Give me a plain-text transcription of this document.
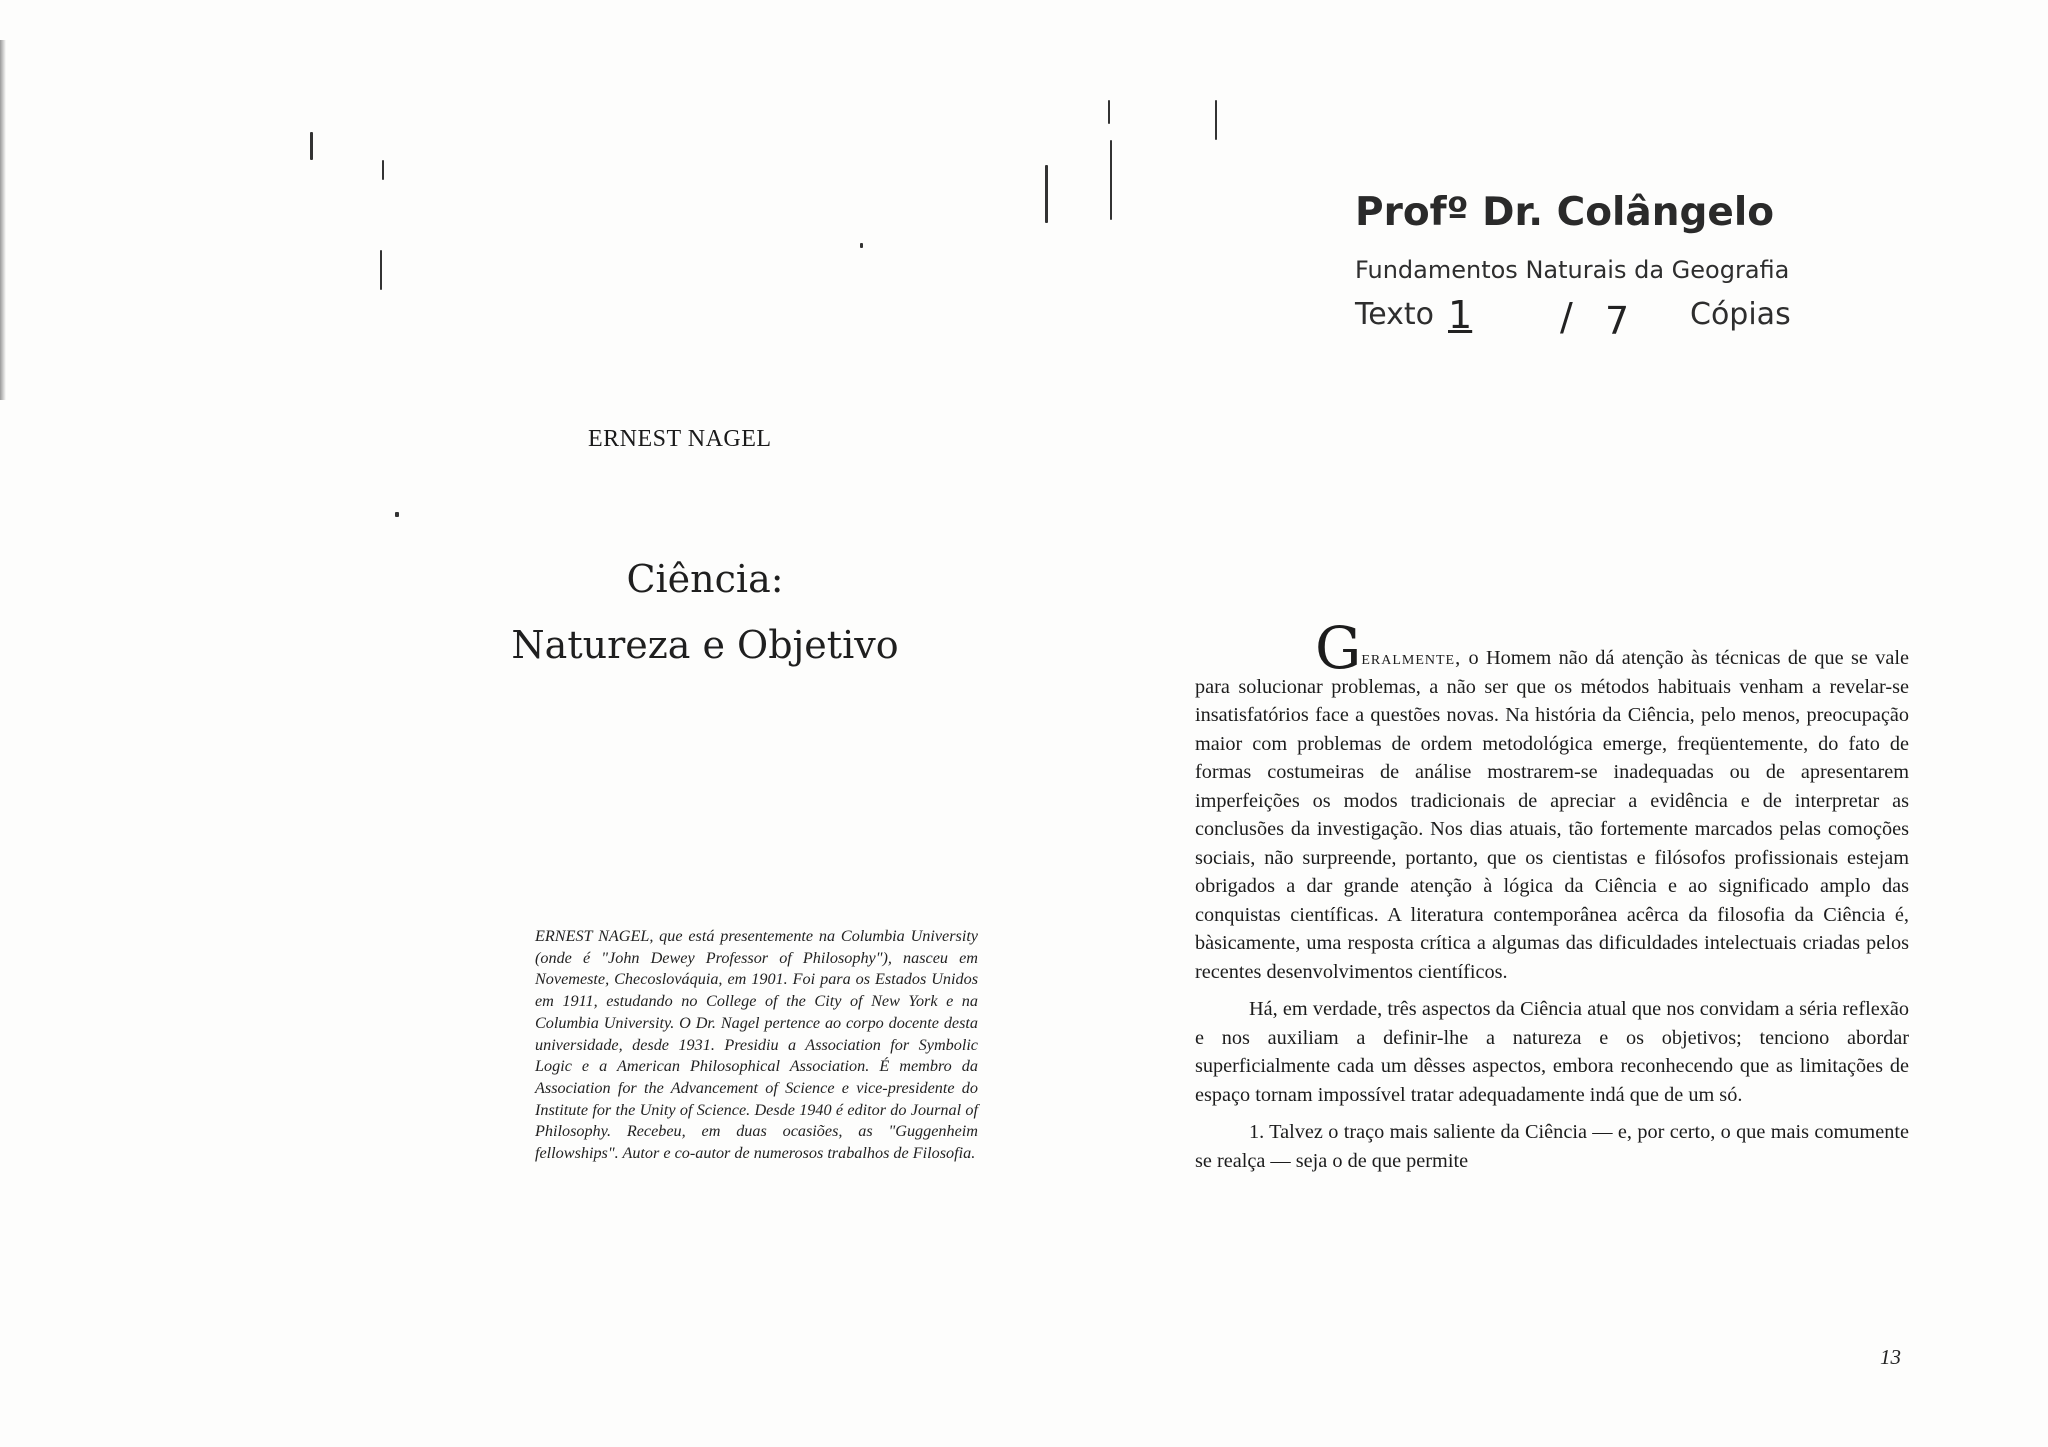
Profº Dr. Colângelo
Fundamentos Naturais da Geografia
Texto 1 / 7 Cópias
ERNEST NAGEL
Ciência:
Natureza e Objetivo
ERNEST NAGEL, que está presentemente na Columbia University (onde é "John Dewey Professor of Philosophy"), nasceu em Novemeste, Checoslováquia, em 1901. Foi para os Estados Unidos em 1911, estudando no College of the City of New York e na Columbia University. O Dr. Nagel pertence ao corpo docente desta universidade, desde 1931. Presidiu a Association for Symbolic Logic e a American Philosophical Association. É membro da Association for the Advancement of Science e vice-presidente do Institute for the Unity of Science. Desde 1940 é editor do Journal of Philosophy. Recebeu, em duas ocasiões, as "Guggenheim fellowships". Autor e co-autor de numerosos trabalhos de Filosofia.

Geralmente, o Homem não dá atenção às técnicas de que se vale para solucionar problemas, a não ser que os métodos habituais venham a revelar-se insatisfatórios face a questões novas. Na história da Ciência, pelo menos, preocupação maior com problemas de ordem metodológica emerge, freqüentemente, do fato de formas costumeiras de análise mostrarem-se inadequadas ou de apresentarem imperfeições os modos tradicionais de apreciar a evidência e de interpretar as conclusões da investigação. Nos dias atuais, tão fortemente marcados pelas comoções sociais, não surpreende, portanto, que os cientistas e filósofos profissionais estejam obrigados a dar grande atenção à lógica da Ciência e ao significado amplo das conquistas científicas. A literatura contemporânea acêrca da filosofia da Ciência é, bàsicamente, uma resposta crítica a algumas das dificuldades intelectuais criadas pelos recentes desenvolvimentos científicos.

Há, em verdade, três aspectos da Ciência atual que nos convidam a séria reflexão e nos auxiliam a definir-lhe a natureza e os objetivos; tenciono abordar superficialmente cada um dêsses aspectos, embora reconhecendo que as limitações de espaço tornam impossível tratar adequadamente indá que de um só.

1. Talvez o traço mais saliente da Ciência — e, por certo, o que mais comumente se realça — seja o de que permite

13
